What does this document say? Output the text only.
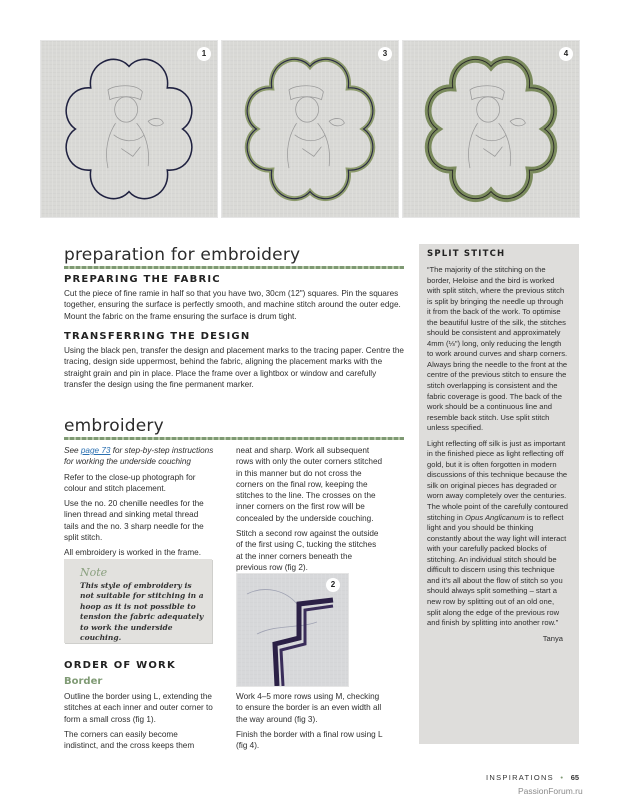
1	3	4
preparation for embroidery
PREPARING THE FABRIC

Cut the piece of fine ramie in half so that you have two, 30cm (12") squares. Pin the squares together, ensuring the surface is perfectly smooth, and machine stitch around the outer edge. Mount the fabric on the frame ensuring the surface is drum tight.

TRANSFERRING THE DESIGN

Using the black pen, transfer the design and placement marks to the tracing paper. Centre the tracing, design side uppermost, behind the fabric, aligning the placement marks with the straight grain and pin in place. Place the frame over a lightbox or window and carefully transfer the design using the fine permanent marker.

embroidery

See page 73 for step-by-step instructions for working the underside couching

Refer to the close-up photograph for colour and stitch placement.

Use the no. 20 chenille needles for the linen thread and sinking metal thread tails and the no. 3 sharp needle for the split stitch.

All embroidery is worked in the frame.

Note
This style of embroidery is not suitable for stitching in a hoop as it is not possible to tension the fabric adequately to work the underside couching.
ORDER OF WORK
Border

Outline the border using L, extending the stitches at each inner and outer corner to form a small cross (fig 1).

The corners can easily become indistinct, and the cross keeps them

neat and sharp. Work all subsequent rows with only the outer corners stitched in this manner but do not cross the corners on the final row, keeping the stitches to the line. The crosses on the inner corners on the first row will be concealed by the underside couching.

Stitch a second row against the outside of the first using C, tucking the stitches at the inner corners beneath the previous row (fig 2).

2

Work 4–5 more rows using M, checking to ensure the border is an even width all the way around (fig 3).

Finish the border with a final row using L (fig 4).

SPLIT STITCH

“The majority of the stitching on the border, Heloise and the bird is worked with split stitch, where the previous stitch is split by bringing the needle up through it from the back of the work. To optimise the beautiful lustre of the silk, the stitches should be consistent and approximately 4mm (⅓") long, only reducing the length to work around curves and sharp corners. Always bring the needle to the front at the centre of the previous stitch to ensure the stitch overlapping is consistent and the fabric coverage is good. The back of the work should be a continuous line and resemble back stitch. Use split stitch unless specified.

Light reflecting off silk is just as important in the finished piece as light reflecting off gold, but it is often forgotten in modern discussions of this technique because the silk on original pieces has degraded or worn away completely over the centuries. The whole point of the carefully contoured stitching in Opus Anglicanum is to reflect light and you should be thinking constantly about the way light will interact with your carefully packed blocks of stitching. An individual stitch should be difficult to discern using this technique and it's all about the flow of stitch so you should always split something – start a new row by splitting out of an old one, split along the edge of the previous row and finish by splitting into another row.”

Tanya

INSPIRATIONS • 65
PassionForum.ru
